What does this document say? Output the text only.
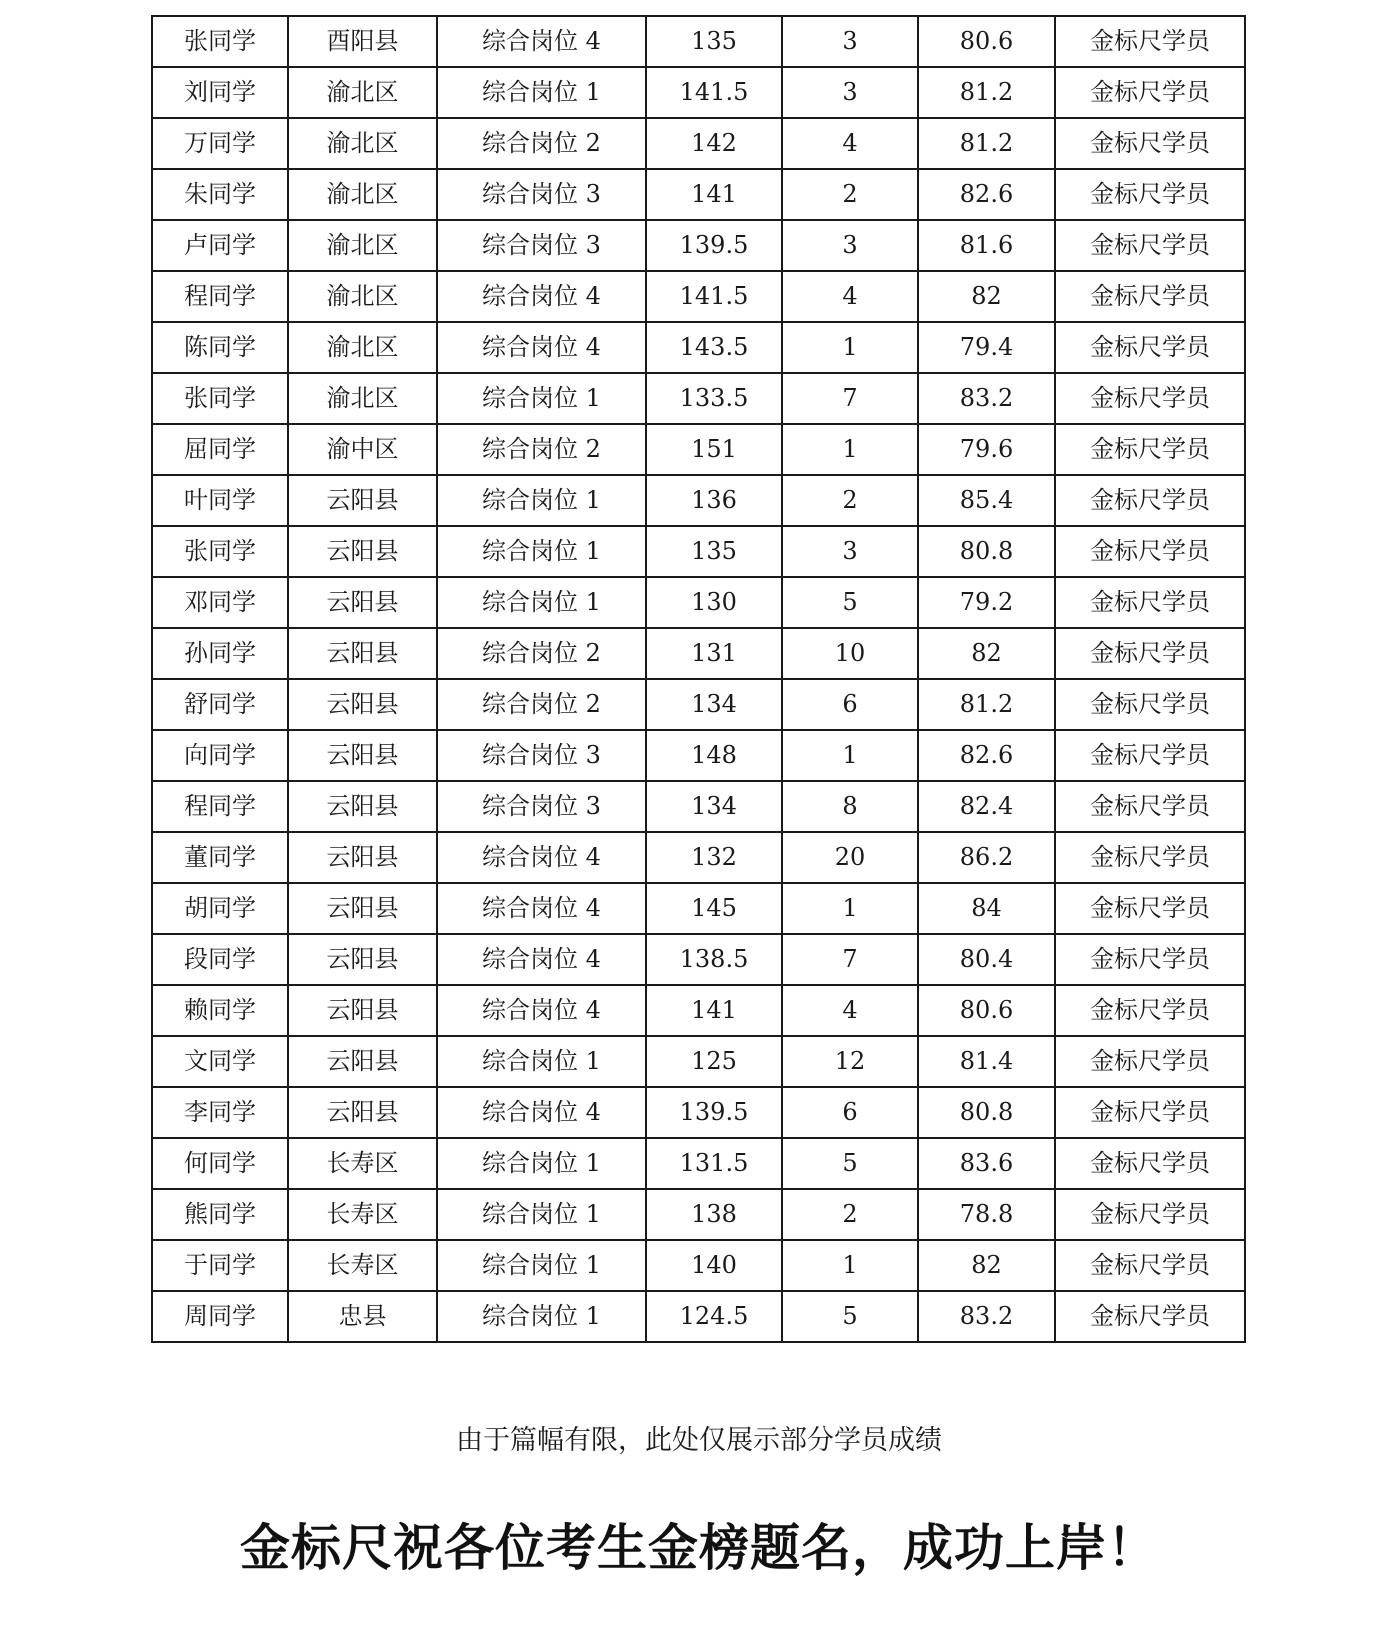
张同学	酉阳县	综合岗位 4	135	3	80.6	金标尺学员
刘同学	渝北区	综合岗位 1	141.5	3	81.2	金标尺学员
万同学	渝北区	综合岗位 2	142	4	81.2	金标尺学员
朱同学	渝北区	综合岗位 3	141	2	82.6	金标尺学员
卢同学	渝北区	综合岗位 3	139.5	3	81.6	金标尺学员
程同学	渝北区	综合岗位 4	141.5	4	82	金标尺学员
陈同学	渝北区	综合岗位 4	143.5	1	79.4	金标尺学员
张同学	渝北区	综合岗位 1	133.5	7	83.2	金标尺学员
屈同学	渝中区	综合岗位 2	151	1	79.6	金标尺学员
叶同学	云阳县	综合岗位 1	136	2	85.4	金标尺学员
张同学	云阳县	综合岗位 1	135	3	80.8	金标尺学员
邓同学	云阳县	综合岗位 1	130	5	79.2	金标尺学员
孙同学	云阳县	综合岗位 2	131	10	82	金标尺学员
舒同学	云阳县	综合岗位 2	134	6	81.2	金标尺学员
向同学	云阳县	综合岗位 3	148	1	82.6	金标尺学员
程同学	云阳县	综合岗位 3	134	8	82.4	金标尺学员
董同学	云阳县	综合岗位 4	132	20	86.2	金标尺学员
胡同学	云阳县	综合岗位 4	145	1	84	金标尺学员
段同学	云阳县	综合岗位 4	138.5	7	80.4	金标尺学员
赖同学	云阳县	综合岗位 4	141	4	80.6	金标尺学员
文同学	云阳县	综合岗位 1	125	12	81.4	金标尺学员
李同学	云阳县	综合岗位 4	139.5	6	80.8	金标尺学员
何同学	长寿区	综合岗位 1	131.5	5	83.6	金标尺学员
熊同学	长寿区	综合岗位 1	138	2	78.8	金标尺学员
于同学	长寿区	综合岗位 1	140	1	82	金标尺学员
周同学	忠县	综合岗位 1	124.5	5	83.2	金标尺学员
由于篇幅有限，此处仅展示部分学员成绩
金标尺祝各位考生金榜题名，成功上岸！
